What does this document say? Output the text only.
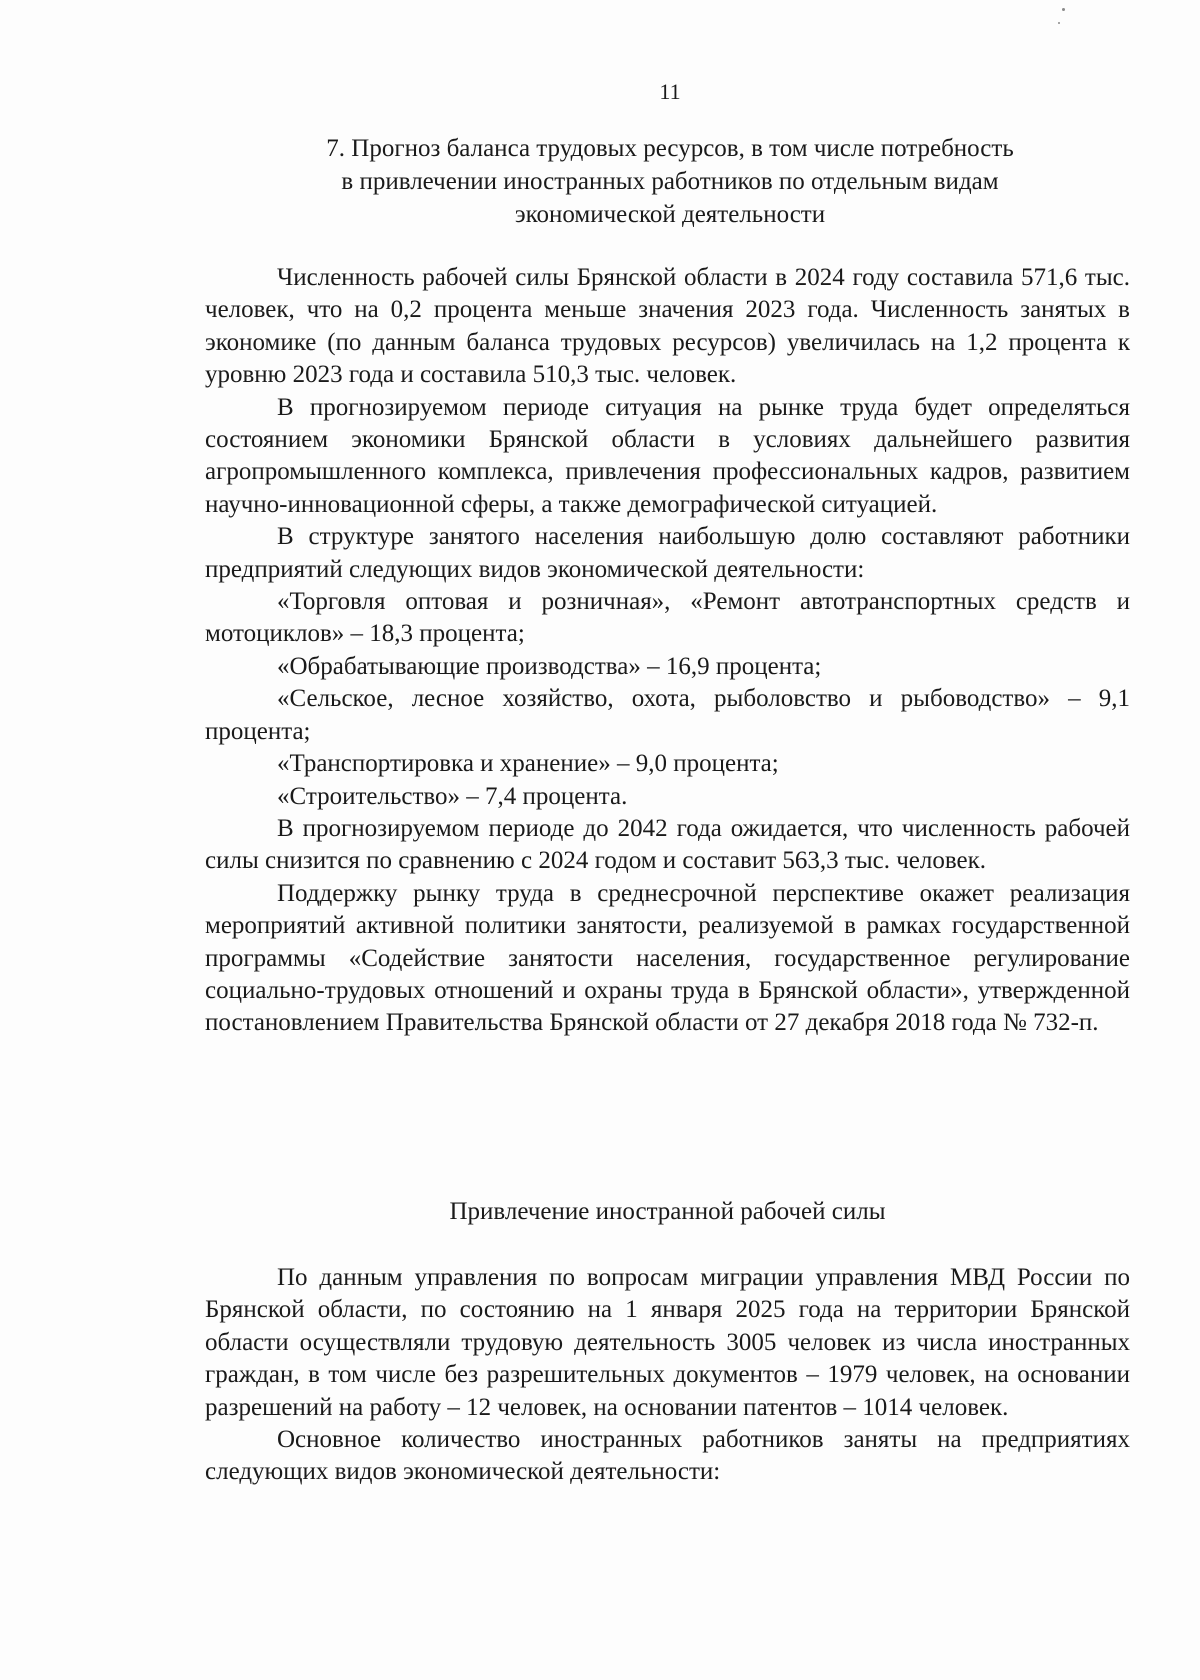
11
7. Прогноз баланса трудовых ресурсов, в том числе потребность
в привлечении иностранных работников по отдельным видам
экономической деятельности

Численность рабочей силы Брянской области в 2024 году составила 571,6 тыс. человек, что на 0,2 процента меньше значения 2023 года. Численность занятых в экономике (по данным баланса трудовых ресурсов) увеличилась на 1,2 процента к уровню 2023 года и составила 510,3 тыс. человек.

В прогнозируемом периоде ситуация на рынке труда будет определяться состоянием экономики Брянской области в условиях дальнейшего развития агропромышленного комплекса, привлечения профессиональных кадров, развитием научно-инновационной сферы, а также демографической ситуацией.

В структуре занятого населения наибольшую долю составляют работники предприятий следующих видов экономической деятельности:

«Торговля оптовая и розничная», «Ремонт автотранспортных средств и мотоциклов» – 18,3 процента;

«Обрабатывающие производства» – 16,9 процента;

«Сельское, лесное хозяйство, охота, рыболовство и рыбоводство» – 9,1 процента;

«Транспортировка и хранение» – 9,0 процента;

«Строительство» – 7,4 процента.

В прогнозируемом периоде до 2042 года ожидается, что численность рабочей силы снизится по сравнению с 2024 годом и составит 563,3 тыс. человек.

Поддержку рынку труда в среднесрочной перспективе окажет реализация мероприятий активной политики занятости, реализуемой в рамках государственной программы «Содействие занятости населения, государственное регулирование социально-трудовых отношений и охраны труда в Брянской области», утвержденной постановлением Правительства Брянской области от 27 декабря 2018 года № 732-п.

Привлечение иностранной рабочей силы

По данным управления по вопросам миграции управления МВД России по Брянской области, по состоянию на 1 января 2025 года на территории Брянской области осуществляли трудовую деятельность 3005 человек из числа иностранных граждан, в том числе без разрешительных документов – 1979 человек, на основании разрешений на работу – 12 человек, на основании патентов – 1014 человек.

Основное количество иностранных работников заняты на предприятиях следующих видов экономической деятельности:
